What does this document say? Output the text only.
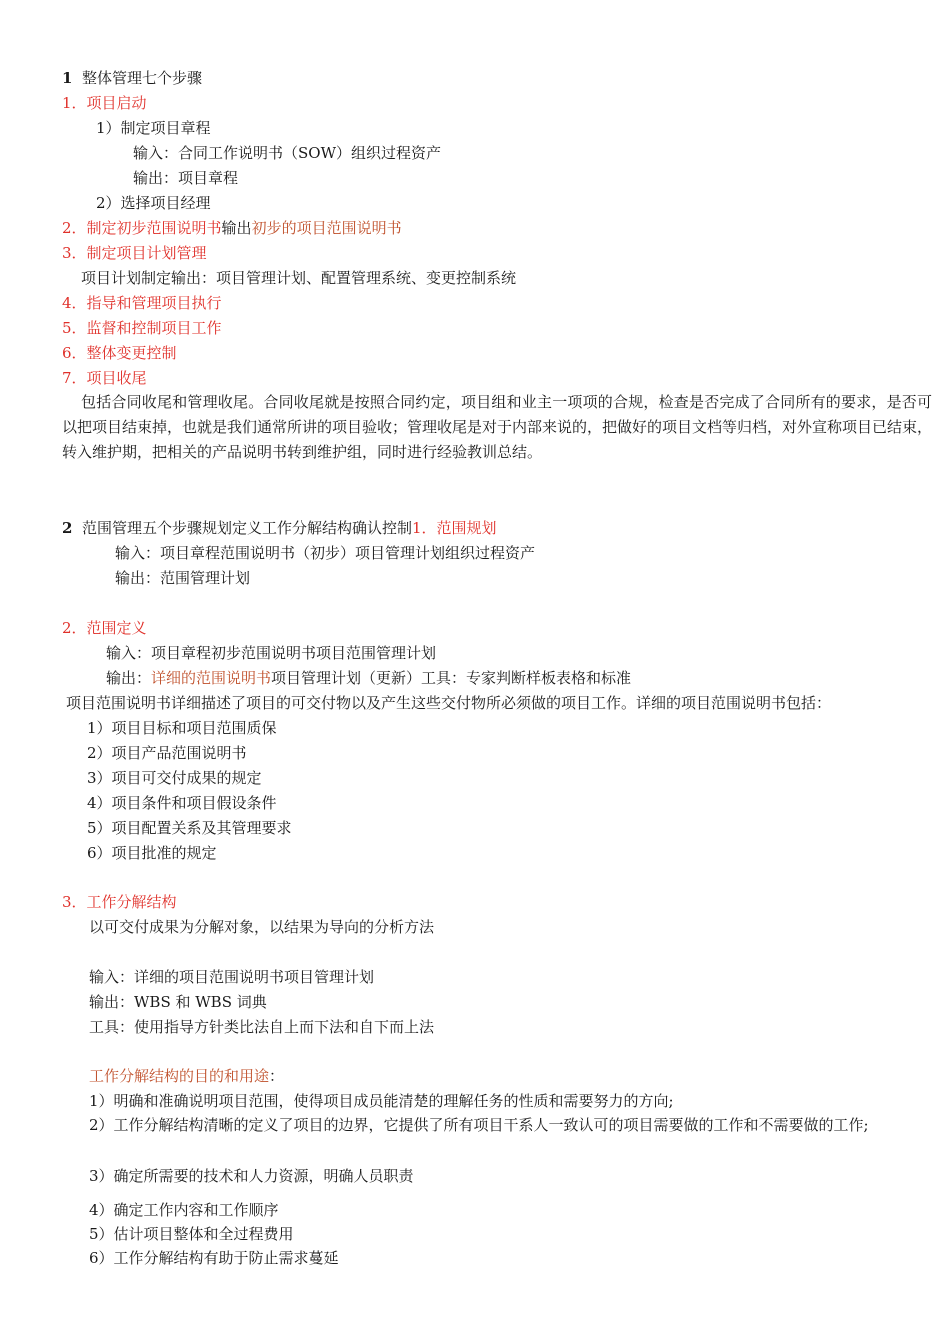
1 整体管理七个步骤
1．项目启动
1）制定项目章程
输入：合同工作说明书（SOW）组织过程资产
输出：项目章程
2）选择项目经理
2．制定初步范围说明书输出初步的项目范围说明书
3．制定项目计划管理
项目计划制定输出：项目管理计划、配置管理系统、变更控制系统
4．指导和管理项目执行
5．监督和控制项目工作
6．整体变更控制
7．项目收尾
包括合同收尾和管理收尾。合同收尾就是按照合同约定，项目组和业主一项项的合规，检查是否完成了合同所有的要求，是否可以把项目结束掉，也就是我们通常所讲的项目验收；管理收尾是对于内部来说的，把做好的项目文档等归档，对外宣称项目已结束，转入维护期，把相关的产品说明书转到维护组，同时进行经验教训总结。
2 范围管理五个步骤规划定义工作分解结构确认控制1．范围规划
输入：项目章程范围说明书（初步）项目管理计划组织过程资产
输出：范围管理计划
2．范围定义
输入：项目章程初步范围说明书项目范围管理计划
输出：详细的范围说明书项目管理计划（更新）工具：专家判断样板表格和标准
项目范围说明书详细描述了项目的可交付物以及产生这些交付物所必须做的项目工作。详细的项目范围说明书包括：
1）项目目标和项目范围质保
2）项目产品范围说明书
3）项目可交付成果的规定
4）项目条件和项目假设条件
5）项目配置关系及其管理要求
6）项目批准的规定
3．工作分解结构
以可交付成果为分解对象，以结果为导向的分析方法
输入：详细的项目范围说明书项目管理计划
输出：WBS 和 WBS 词典
工具：使用指导方针类比法自上而下法和自下而上法
工作分解结构的目的和用途：
1）明确和准确说明项目范围，使得项目成员能清楚的理解任务的性质和需要努力的方向;
2）工作分解结构清晰的定义了项目的边界，它提供了所有项目干系人一致认可的项目需要做的工作和不需要做的工作;
3）确定所需要的技术和人力资源，明确人员职责
4）确定工作内容和工作顺序
5）估计项目整体和全过程费用
6）工作分解结构有助于防止需求蔓延
